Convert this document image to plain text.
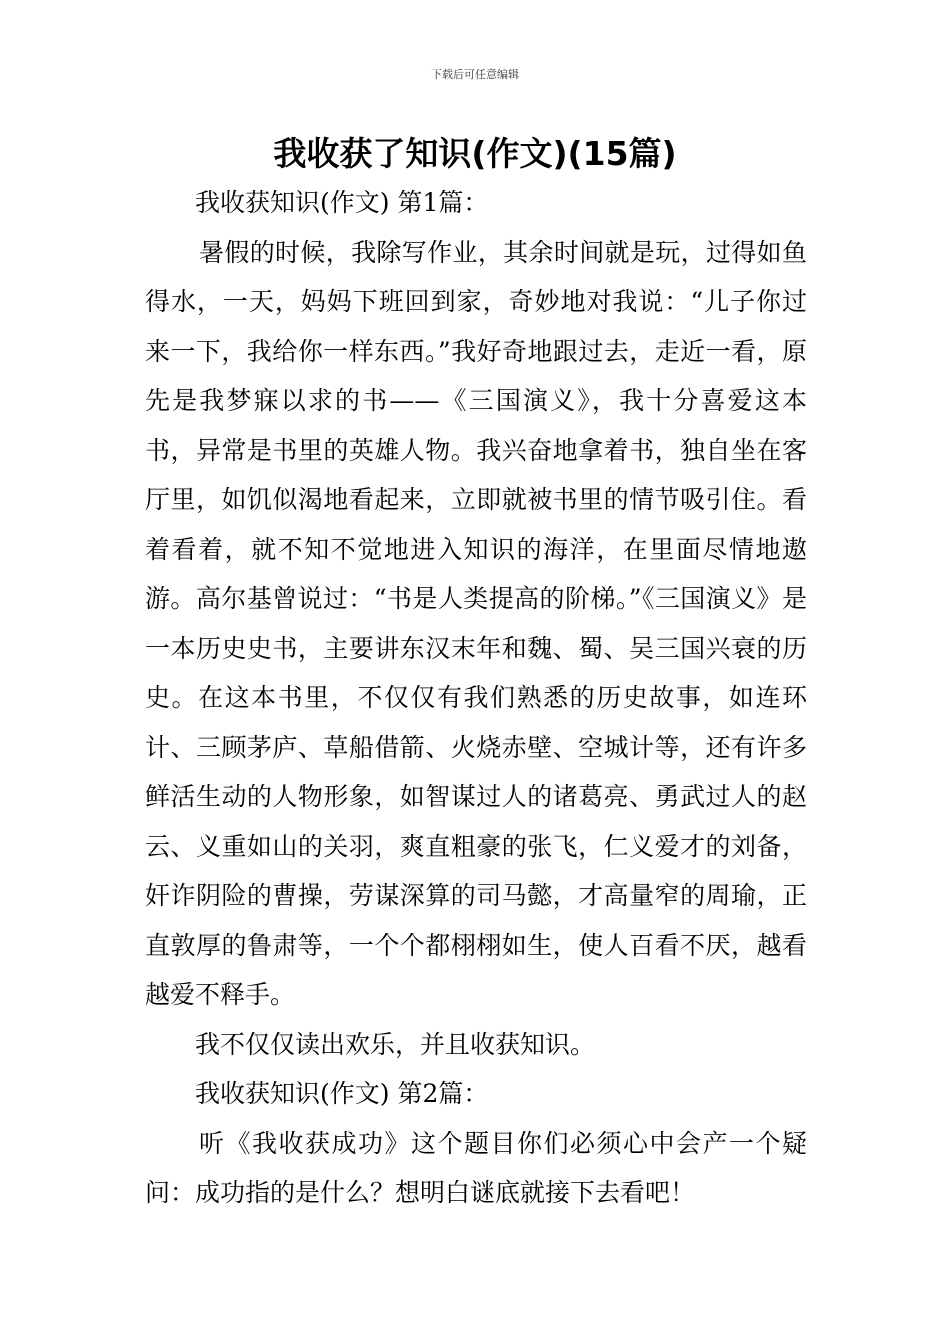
下载后可任意编辑
我收获了知识(作文)(15篇)

我收获知识(作文) 第1篇：

暑假的时候，我除写作业，其余时间就是玩，过得如鱼得水，一天，妈妈下班回到家，奇妙地对我说：“儿子你过来一下，我给你一样东西。”我好奇地跟过去，走近一看，原先是我梦寐以求的书——《三国演义》，我十分喜爱这本书，异常是书里的英雄人物。我兴奋地拿着书，独自坐在客厅里，如饥似渴地看起来，立即就被书里的情节吸引住。看着看着，就不知不觉地进入知识的海洋，在里面尽情地遨游。高尔基曾说过：“书是人类提高的阶梯。”《三国演义》是一本历史史书，主要讲东汉末年和魏、蜀、吴三国兴衰的历史。在这本书里，不仅仅有我们熟悉的历史故事，如连环计、三顾茅庐、草船借箭、火烧赤壁、空城计等，还有许多鲜活生动的人物形象，如智谋过人的诸葛亮、勇武过人的赵云、义重如山的关羽，爽直粗豪的张飞，仁义爱才的刘备，奸诈阴险的曹操，劳谋深算的司马懿，才高量窄的周瑜，正直敦厚的鲁肃等，一个个都栩栩如生，使人百看不厌，越看越爱不释手。

我不仅仅读出欢乐，并且收获知识。

我收获知识(作文) 第2篇：

听《我收获成功》这个题目你们必须心中会产一个疑问：成功指的是什么？想明白谜底就接下去看吧！
